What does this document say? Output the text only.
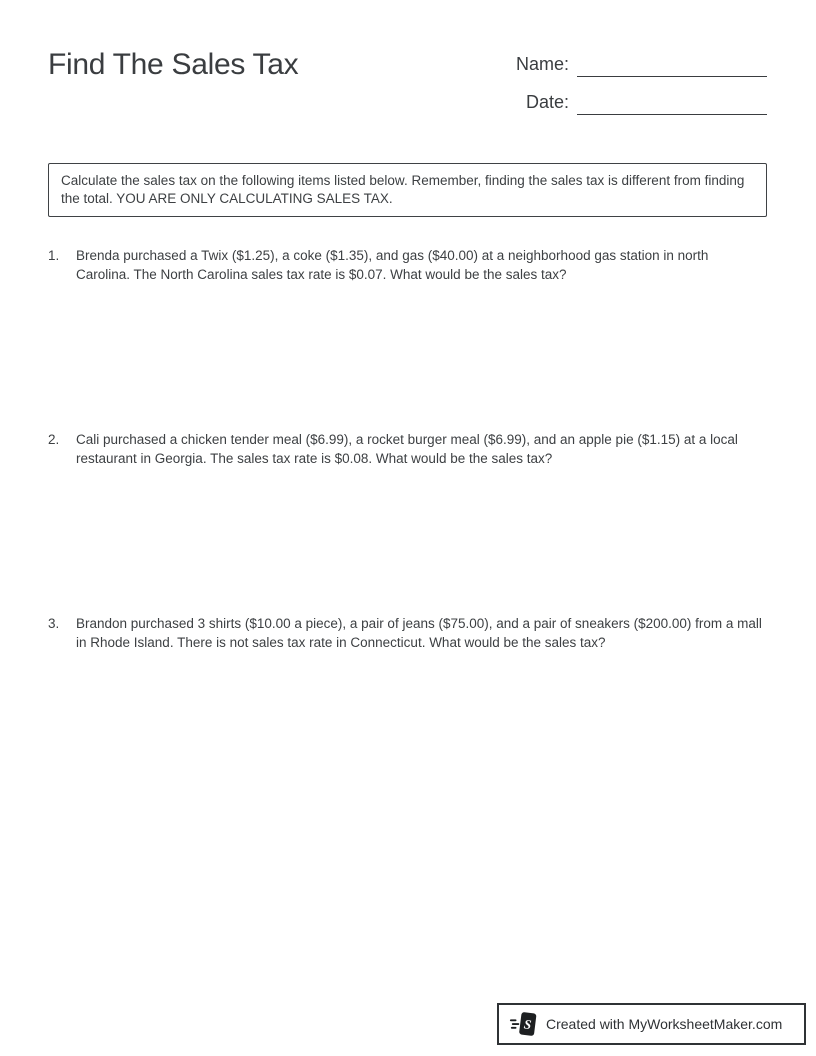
Find The Sales Tax	Name:
Date:

Calculate the sales tax on the following items listed below. Remember, finding the sales tax is different from finding the total. YOU ARE ONLY CALCULATING SALES TAX.

1.	Brenda purchased a Twix ($1.25), a coke ($1.35), and gas ($40.00) at a neighborhood gas station in north Carolina. The North Carolina sales tax rate is $0.07. What would be the sales tax?

2.	Cali purchased a chicken tender meal ($6.99), a rocket burger meal ($6.99), and an apple pie ($1.15) at a local restaurant in Georgia. The sales tax rate is $0.08. What would be the sales tax?

3.	Brandon purchased 3 shirts ($10.00 a piece), a pair of jeans ($75.00), and a pair of sneakers ($200.00) from a mall in Rhode Island. There is not sales tax rate in Connecticut. What would be the sales tax?

S Created with MyWorksheetMaker.com
